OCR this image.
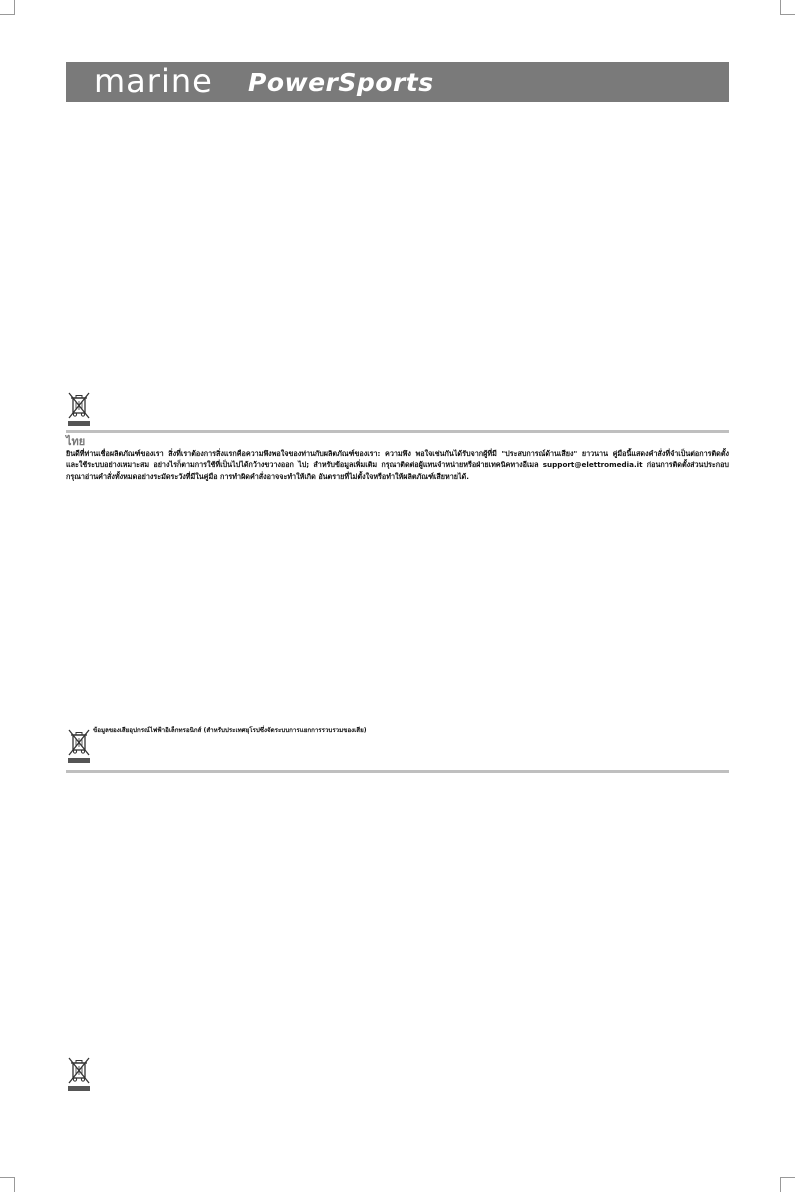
marine PowerSports
ไทย
ยินดีที่ท่านเชื่อผลิตภัณฑ์ของเรา สิ่งที่เราต้องการสิ่งแรกคือความพึงพอใจของท่านกับผลิตภัณฑ์ของเรา: ความพึง พอใจเช่นกันได้รับจากผู้ที่มี "ประสบการณ์ด้านเสียง" ยาวนาน คู่มือนี้แสดงคำสั่งที่จำเป็นต่อการติดตั้งและใช้ระบบอย่างเหมาะสม อย่างไรก็ตามการใช้ที่เป็นไปได้กว้างขวางออก ไป; สำหรับข้อมูลเพิ่มเติม กรุณาติดต่อผู้แทนจำหน่ายหรือฝ่ายเทคนิคทางอีเมล support@elettromedia.it ก่อนการติดตั้งส่วนประกอบ กรุณาอ่านคำสั่งทั้งหมดอย่างระมัดระวังที่มีในคู่มือ การทำผิดคำสั่งอาจจะทำให้เกิด อันตรายที่ไม่ตั้งใจหรือทำให้ผลิตภัณฑ์เสียหายได้.
ข้อมูลของเสียอุปกรณ์ไฟฟ้าอิเล็กทรอนิกส์ (สำหรับประเทศยุโรปซึ่งจัดระบบการแยกการรวบรวมของเสีย)
